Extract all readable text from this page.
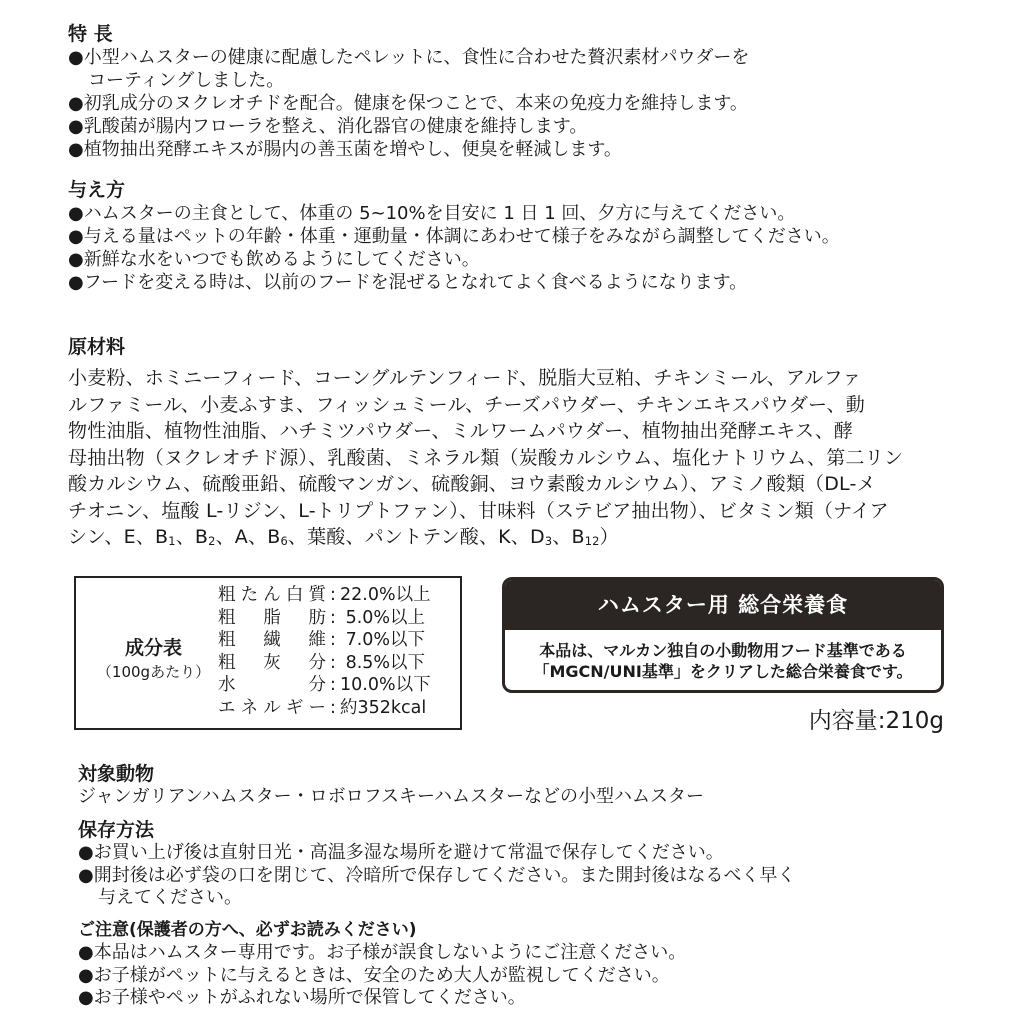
特 長

●小型ハムスターの健康に配慮したペレットに、食性に合わせた贅沢素材パウダーを

コーティングしました。

●初乳成分のヌクレオチドを配合。健康を保つことで、本来の免疫力を維持します。

●乳酸菌が腸内フローラを整え、消化器官の健康を維持します。

●植物抽出発酵エキスが腸内の善玉菌を増やし、便臭を軽減します。

与え方

●ハムスターの主食として、体重の 5~10%を目安に 1 日 1 回、夕方に与えてください。

●与える量はペットの年齢・体重・運動量・体調にあわせて様子をみながら調整してください。

●新鮮な水をいつでも飲めるようにしてください。

●フードを変える時は、以前のフードを混ぜるとなれてよく食べるようになります。

原材料

小麦粉、ホミニーフィード、コーングルテンフィード、脱脂大豆粕、チキンミール、アルファ

ルファミール、小麦ふすま、フィッシュミール、チーズパウダー、チキンエキスパウダー、動

物性油脂、植物性油脂、ハチミツパウダー、ミルワームパウダー、植物抽出発酵エキス、酵

母抽出物（ヌクレオチド源）、乳酸菌、ミネラル類（炭酸カルシウム、塩化ナトリウム、第二リン

酸カルシウム、硫酸亜鉛、硫酸マンガン、硫酸銅、ヨウ素酸カルシウム）、アミノ酸類（DL-メ

チオニン、塩酸 L-リジン、L-トリプトファン）、甘味料（ステビア抽出物）、ビタミン類（ナイア

シン、E、B1、B2、A、B6、葉酸、パントテン酸、K、D3、B12）

成分表
（100gあたり）
粗たん白質 : 22.0%以上
粗脂肪 : 5.0%以上
粗繊維 : 7.0%以下
粗灰分 : 8.5%以下
水分 : 10.0%以下
エネルギー : 約352kcal
ハムスター用 総合栄養食
本品は、マルカン独自の小動物用フード基準である
「MGCN/UNI基準」をクリアした総合栄養食です。
内容量:210g

対象動物

ジャンガリアンハムスター・ロボロフスキーハムスターなどの小型ハムスター

保存方法

●お買い上げ後は直射日光・高温多湿な場所を避けて常温で保存してください。

●開封後は必ず袋の口を閉じて、冷暗所で保存してください。また開封後はなるべく早く

与えてください。

ご注意(保護者の方へ、必ずお読みください)

●本品はハムスター専用です。お子様が誤食しないようにご注意ください。

●お子様がペットに与えるときは、安全のため大人が監視してください。

●お子様やペットがふれない場所で保管してください。
